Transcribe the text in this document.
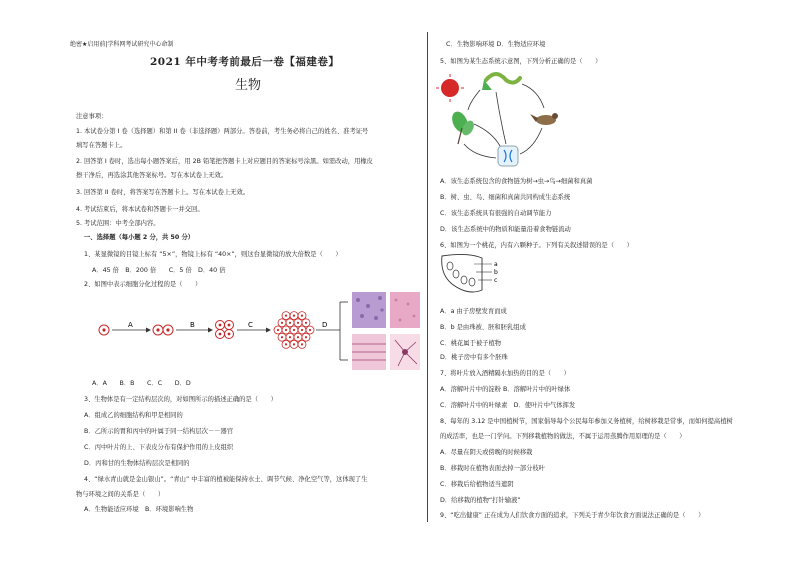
绝密★启用前|学科网考试研究中心命制
2021 年中考考前最后一卷【福建卷】
生物
注意事项：
1. 本试卷分第 I 卷（选择题）和第 II 卷（非选择题）两部分。答卷前，考生务必将自己的姓名、准考证号
填写在答题卡上。
2. 回答第 I 卷时，选出每小题答案后，用 2B 铅笔把答题卡上对应题目的答案标号涂黑。如需改动，用橡皮
擦干净后，再选涂其他答案标号。写在本试卷上无效。
3. 回答第 II 卷时，将答案写在答题卡上。写在本试卷上无效。
4. 考试结束后，将本试卷和答题卡一并交回。
5. 考试范围：中考全部内容。
一、选择题（每小题 2 分，共 50 分）
1、某显微镜的目镜上标有 “5×”，物镜上标有 “40×”，则这台显微镜的放大倍数是（　　）
A．45 倍　B．200 倍　　C．5 倍　D．40 倍
2、如图中表示细胞分化过程的是（　　）
A	B	C	D
A．A　　B．B　　C．C　　D．D
3、生物体是有一定结构层次的，对如图所示的描述正确的是（　　）
A．组成乙的细胞结构和甲是相同的
B．乙所示的胃和丙中的叶属于同一结构层次－－器官
C．丙中叶片的上、下表皮分布有保护作用的上皮组织
D．丙和甘的生物体结构层次是相同的
4、“绿水青山就是金山银山”。“青山” 中丰富的植被能保持水土、调节气候、净化空气等，这体现了生
物与环境之间的关系是（　　）
A．生物能适应环境　B．环境影响生物
C．生物影响环境 D．生物适应环境
5、如图为某生态系统示意图，下列分析正确的是（　　）
A．该生态系统包含的食物链为树→虫→鸟→细菌和真菌
B．树、虫、鸟、细菌和真菌共同构成生态系统
C．该生态系统具有很强的自动调节能力
D．该生态系统中的物质和能量沿着食物链流动
6、如图为一个桃花，内有六颗种子。下列有关叙述错误的是（　　）
a
b
c
A．a 由子房壁发育而成
B．b 是由珠被、胚和胚乳组成
C．桃花属于被子植物
D．桃子房中有多个胚珠
7、将叶片放入酒精隔水加热的目的是（　　）
A．溶解叶片中的淀粉 B．溶解叶片中的叶绿体
C．溶解叶片中的叶绿素　D．使叶片中气体挥发
8、每年的 3.12 是中国植树节，国家倡导每个公民每年参加义务植树，给树移栽是常事，而如何提高植树
的成活率，也是一门学问。下列移栽植物的做法，不属于运用蒸腾作用原理的是（　　）
A．尽量在阴天或傍晚的时候移栽
B．移栽时在植物表面去掉一部分枝叶
C．移栽后给植物适当遮阴
D．给移栽的植物“打针输液”
9、“吃出健康” 正在成为人们饮食方面的追求，下列关于青少年饮食方面说法正确的是（　　）
